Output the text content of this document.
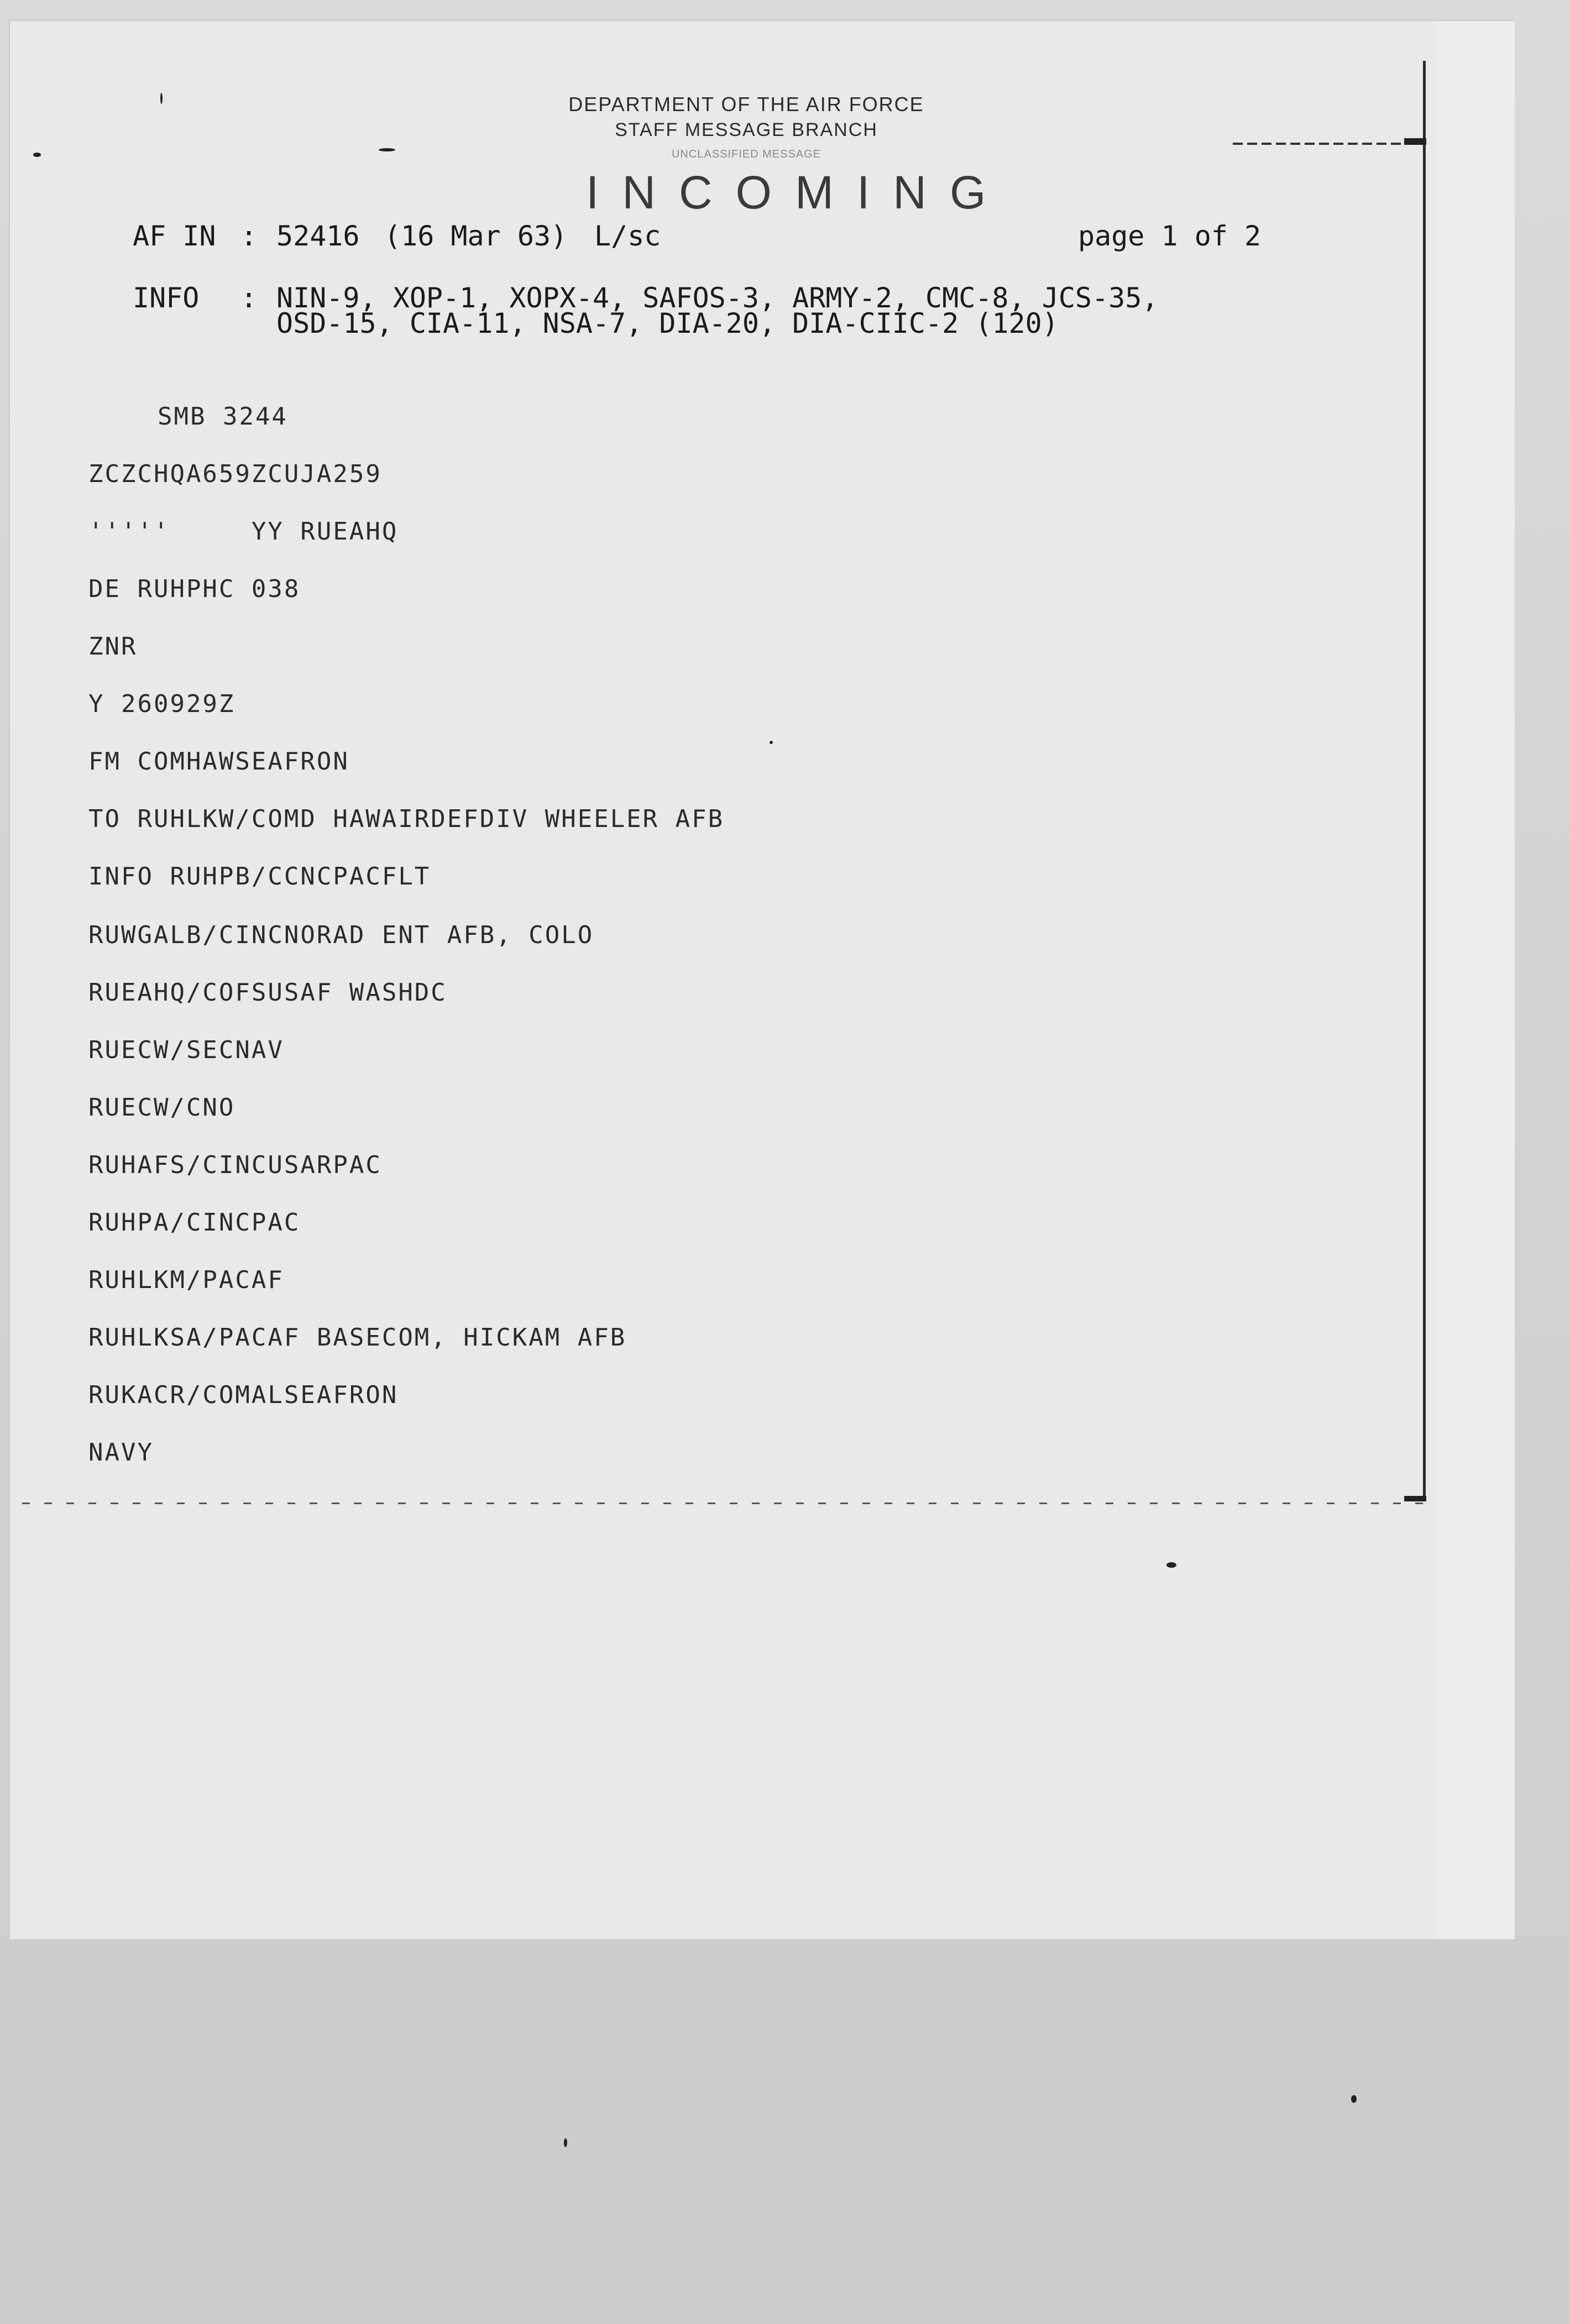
DEPARTMENT OF THE AIR FORCE
STAFF MESSAGE BRANCH
UNCLASSIFIED MESSAGE
INCOMING
AF IN : 52416 (16 Mar 63) L/sc	page 1 of 2
INFO : NIN-9, XOP-1, XOPX-4, SAFOS-3, ARMY-2, CMC-8, JCS-35,
OSD-15, CIA-11, NSA-7, DIA-20, DIA-CIIC-2 (120)
SMB 3244
ZCZCHQA659ZCUJA259
'''''     YY RUEAHQ
DE RUHPHC 038
ZNR
Y 260929Z
FM COMHAWSEAFRON
TO RUHLKW/COMD HAWAIRDEFDIV WHEELER AFB
INFO RUHPB/CCNCPACFLT
RUWGALB/CINCNORAD ENT AFB, COLO
RUEAHQ/COFSUSAF WASHDC
RUECW/SECNAV
RUECW/CNO
RUHAFS/CINCUSARPAC
RUHPA/CINCPAC
RUHLKM/PACAF
RUHLKSA/PACAF BASECOM, HICKAM AFB
RUKACR/COMALSEAFRON
NAVY
